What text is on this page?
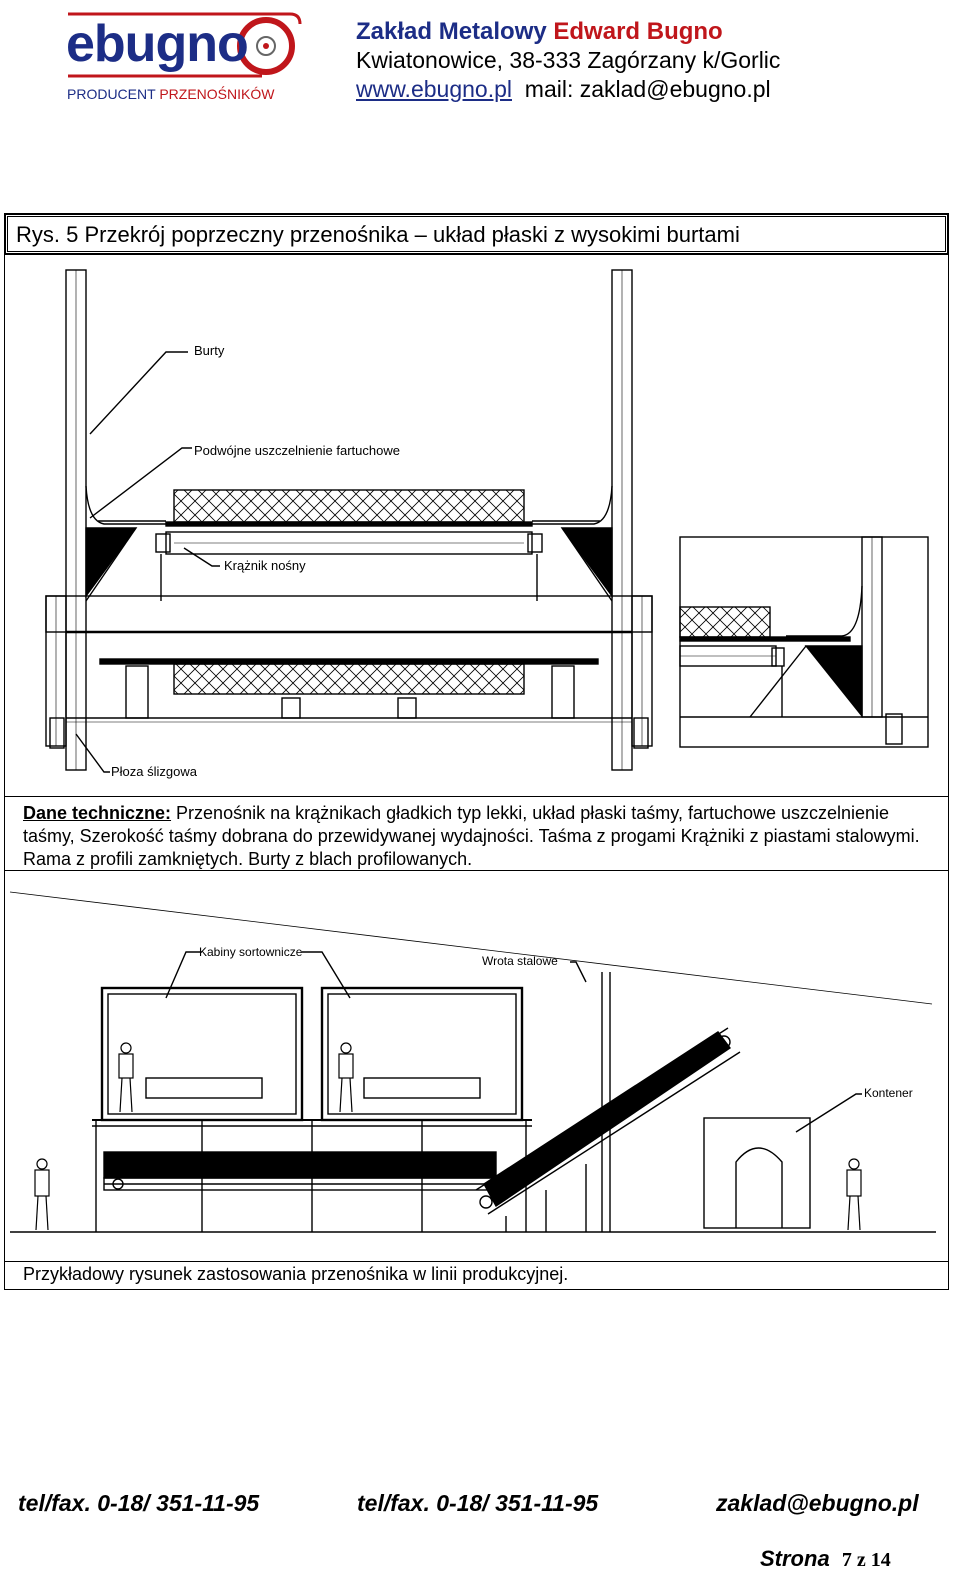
ebugno
PRODUCENT PRZENOŚNIKÓW
Zakład Metalowy Edward Bugno
Kwiatonowice, 38-333 Zagórzany k/Gorlic
www.ebugno.pl mail: zaklad@ebugno.pl
Rys. 5 Przekrój poprzeczny przenośnika – układ płaski z wysokimi burtami
Burty
Podwójne uszczelnienie fartuchowe
Krążnik nośny
Płoza ślizgowa
Dane techniczne: Przenośnik na krążnikach gładkich typ lekki, układ płaski taśmy, fartuchowe uszczelnienie taśmy, Szerokość taśmy dobrana do przewidywanej wydajności. Taśma z progami Krążniki z piastami stalowymi. Rama z profili zamkniętych. Burty z blach profilowanych.
Kabiny sortownicze
Wrota stalowe
Kontener
Przykładowy rysunek zastosowania przenośnika w linii produkcyjnej.
tel/fax. 0-18/ 351-11-95	tel/fax. 0-18/ 351-11-95	zaklad@ebugno.pl
Strona 7 z 14
